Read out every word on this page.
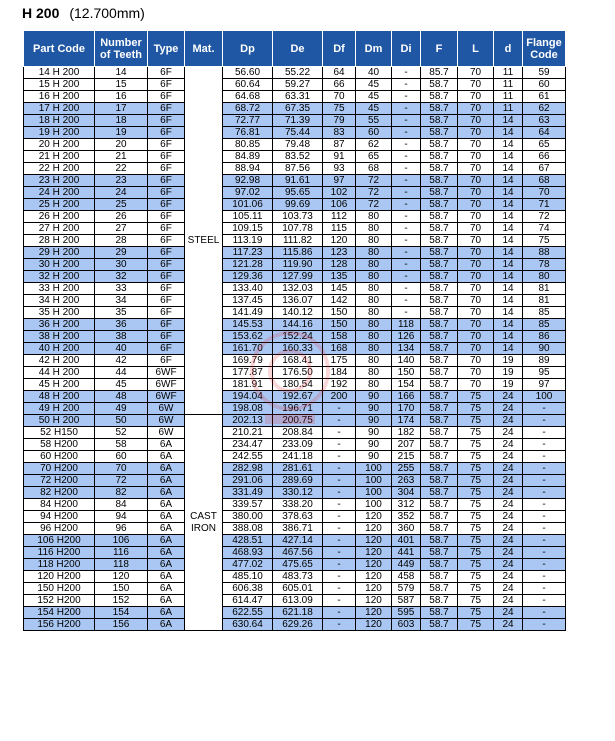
H 200 (12.700mm)
Part Code	Number of Teeth	Type	Mat.	Dp	De	Df	Dm	Di	F	L	d	Flange Code
14 H 200	14	6F	STEEL	56.60	55.22	64	40	-	85.7	70	11	59
15 H 200	15	6F		60.64	59.27	66	45	-	58.7	70	11	60
16 H 200	16	6F		64.68	63.31	70	45	-	58.7	70	11	61
17 H 200	17	6F		68.72	67.35	75	45	-	58.7	70	11	62
18 H 200	18	6F		72.77	71.39	79	55	-	58.7	70	14	63
19 H 200	19	6F		76.81	75.44	83	60	-	58.7	70	14	64
20 H 200	20	6F		80.85	79.48	87	62	-	58.7	70	14	65
21 H 200	21	6F		84.89	83.52	91	65	-	58.7	70	14	66
22 H 200	22	6F		88.94	87.56	93	68	-	58.7	70	14	67
23 H 200	23	6F		92.98	91.61	97	72	-	58.7	70	14	68
24 H 200	24	6F		97.02	95.65	102	72	-	58.7	70	14	70
25 H 200	25	6F		101.06	99.69	106	72	-	58.7	70	14	71
26 H 200	26	6F		105.11	103.73	112	80	-	58.7	70	14	72
27 H 200	27	6F		109.15	107.78	115	80	-	58.7	70	14	74
28 H 200	28	6F		113.19	111.82	120	80	-	58.7	70	14	75
29 H 200	29	6F		117.23	115.86	123	80	-	58.7	70	14	88
30 H 200	30	6F		121.28	119.90	128	80	-	58.7	70	14	78
32 H 200	32	6F		129.36	127.99	135	80	-	58.7	70	14	80
33 H 200	33	6F		133.40	132.03	145	80	-	58.7	70	14	81
34 H 200	34	6F		137.45	136.07	142	80	-	58.7	70	14	81
35 H 200	35	6F		141.49	140.12	150	80	-	58.7	70	14	85
36 H 200	36	6F		145.53	144.16	150	80	118	58.7	70	14	85
38 H 200	38	6F		153.62	152.24	158	80	126	58.7	70	14	86
40 H 200	40	6F		161.70	160.33	168	80	134	58.7	70	14	90
42 H 200	42	6F		169.79	168.41	175	80	140	58.7	70	19	89
44 H 200	44	6WF		177.87	176.50	184	80	150	58.7	70	19	95
45 H 200	45	6WF		181.91	180.54	192	80	154	58.7	70	19	97
48 H 200	48	6WF		194.04	192.67	200	90	166	58.7	75	24	100
49 H 200	49	6W		198.08	196.71	-	90	170	58.7	75	24	-
50 H 200	50	6W	CAST IRON	202.13	200.75	-	90	174	58.7	75	24	-
52 H150	52	6W		210.21	208.84	-	90	182	58.7	75	24	-
58 H200	58	6A		234.47	233.09	-	90	207	58.7	75	24	-
60 H200	60	6A		242.55	241.18	-	90	215	58.7	75	24	-
70 H200	70	6A		282.98	281.61	-	100	255	58.7	75	24	-
72 H200	72	6A		291.06	289.69	-	100	263	58.7	75	24	-
82 H200	82	6A		331.49	330.12	-	100	304	58.7	75	24	-
84 H200	84	6A		339.57	338.20	-	100	312	58.7	75	24	-
94 H200	94	6A		380.00	378.63	-	120	352	58.7	75	24	-
96 H200	96	6A		388.08	386.71	-	120	360	58.7	75	24	-
106 H200	106	6A		428.51	427.14	-	120	401	58.7	75	24	-
116 H200	116	6A		468.93	467.56	-	120	441	58.7	75	24	-
118 H200	118	6A		477.02	475.65	-	120	449	58.7	75	24	-
120 H200	120	6A		485.10	483.73	-	120	458	58.7	75	24	-
150 H200	150	6A		606.38	605.01	-	120	579	58.7	75	24	-
152 H200	152	6A		614.47	613.09	-	120	587	58.7	75	24	-
154 H200	154	6A		622.55	621.18	-	120	595	58.7	75	24	-
156 H200	156	6A		630.64	629.26	-	120	603	58.7	75	24	-
